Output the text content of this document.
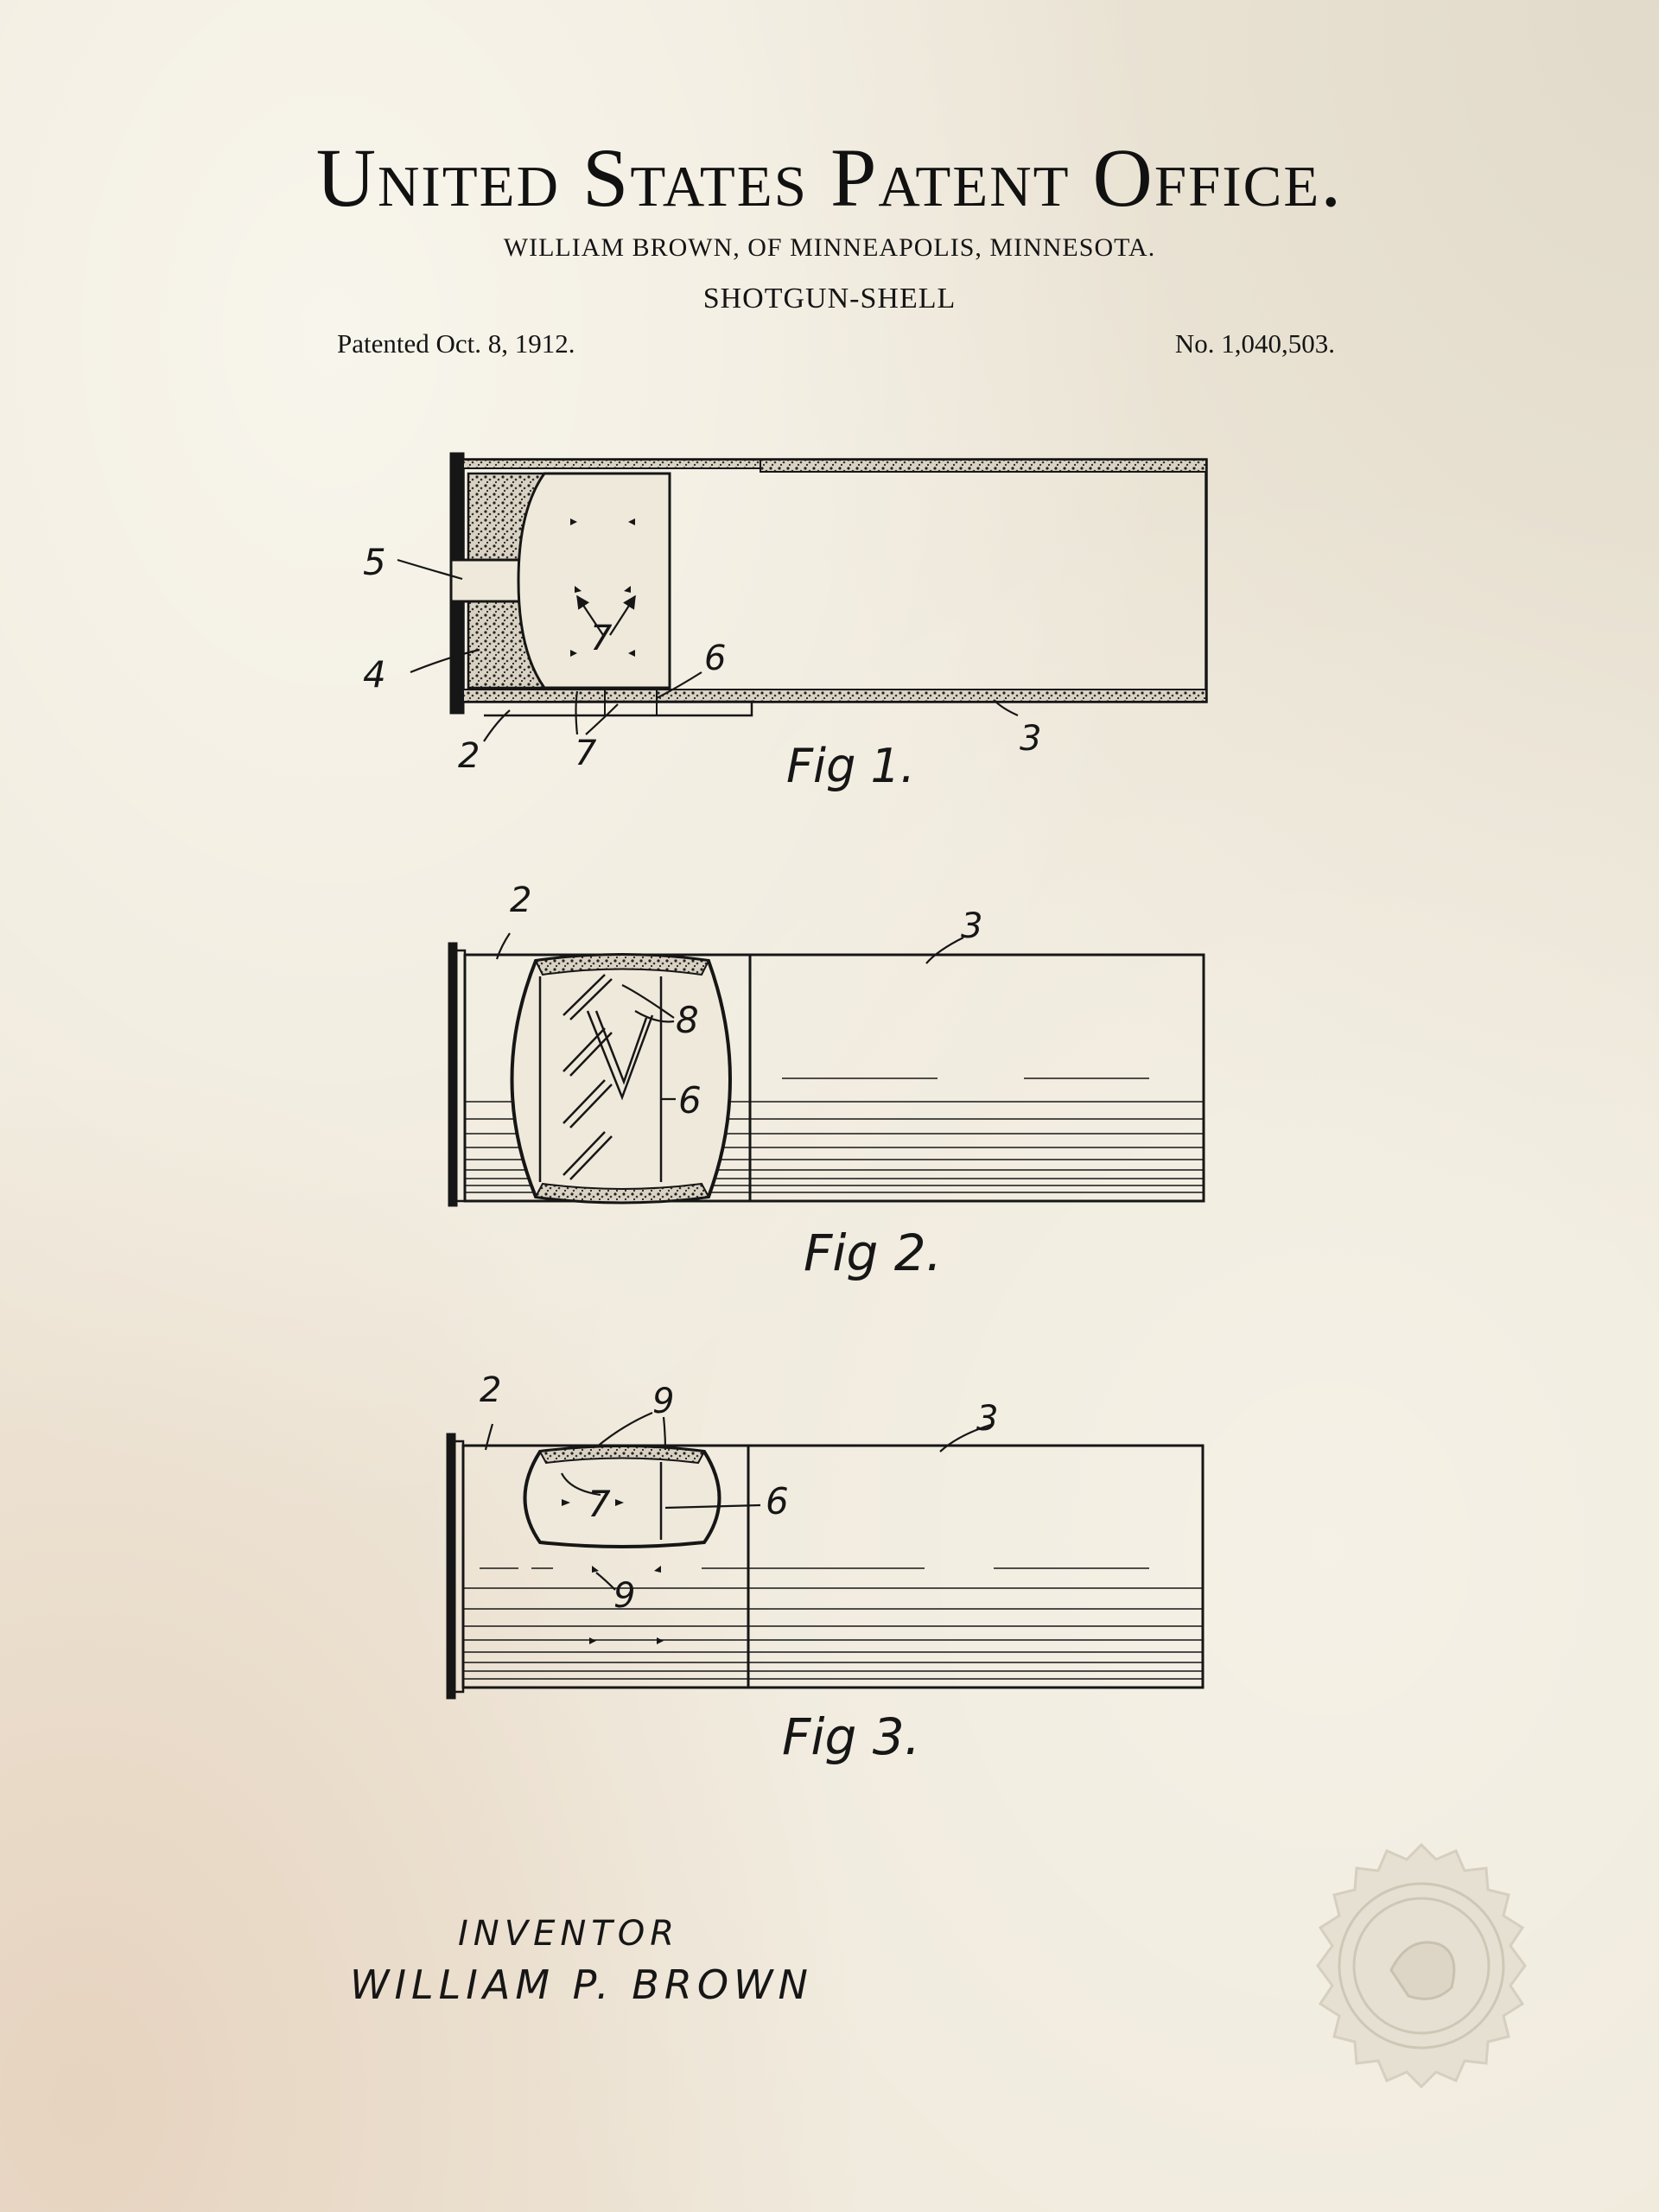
United States Patent Office.
WILLIAM BROWN, OF MINNEAPOLIS, MINNESOTA.
SHOTGUN-SHELL
Patented Oct. 8, 1912.	No. 1,040,503.
5
4
2	7
7	6
3
Fig 1.
2
3
8
6
Fig 2.
2	9	3
7	6
9
Fig 3.
INVENTOR
WILLIAM P. BROWN
